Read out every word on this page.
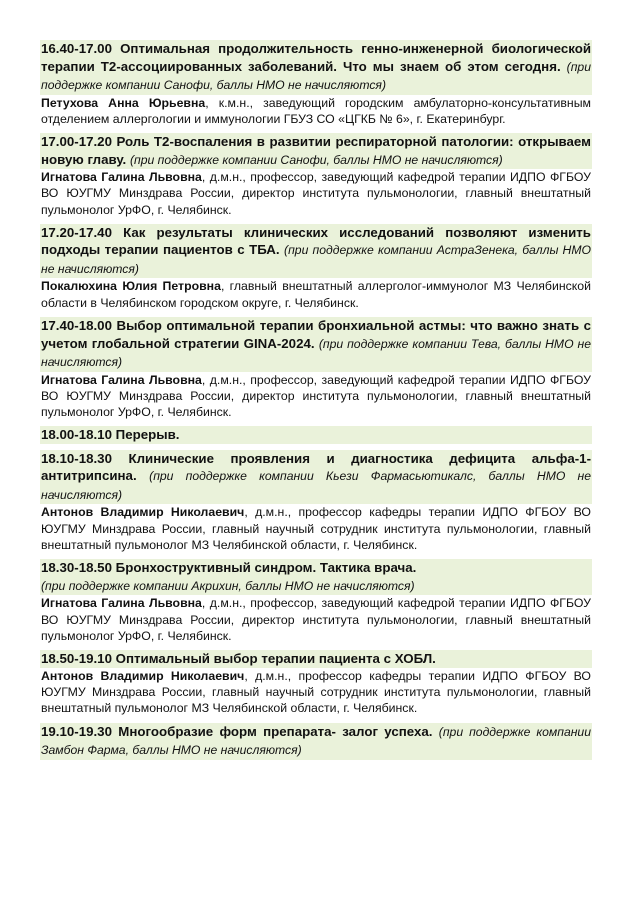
16.40-17.00 Оптимальная продолжительность генно-инженерной биологической терапии Т2-ассоциированных заболеваний. Что мы знаем об этом сегодня. (при поддержке компании Санофи, баллы НМО не начисляются)
Петухова Анна Юрьевна, к.м.н., заведующий городским амбулаторно-консультативным отделением аллергологии и иммунологии ГБУЗ СО «ЦГКБ № 6», г. Екатеринбург.
17.00-17.20 Роль Т2-воспаления в развитии респираторной патологии: открываем новую главу. (при поддержке компании Санофи, баллы НМО не начисляются)
Игнатова Галина Львовна, д.м.н., профессор, заведующий кафедрой терапии ИДПО ФГБОУ ВО ЮУГМУ Минздрава России, директор института пульмонологии, главный внештатный пульмонолог УрФО, г. Челябинск.
17.20-17.40 Как результаты клинических исследований позволяют изменить подходы терапии пациентов с ТБА. (при поддержке компании АстраЗенека, баллы НМО не начисляются)
Покалюхина Юлия Петровна, главный внештатный аллерголог-иммунолог МЗ Челябинской области в Челябинском городском округе, г. Челябинск.
17.40-18.00 Выбор оптимальной терапии бронхиальной астмы: что важно знать с учетом глобальной стратегии GINA-2024. (при поддержке компании Тева, баллы НМО не начисляются)
Игнатова Галина Львовна, д.м.н., профессор, заведующий кафедрой терапии ИДПО ФГБОУ ВО ЮУГМУ Минздрава России, директор института пульмонологии, главный внештатный пульмонолог УрФО, г. Челябинск.
18.00-18.10 Перерыв.
18.10-18.30 Клинические проявления и диагностика дефицита альфа-1-антитрипсина. (при поддержке компании Кьези Фармасьютикалс, баллы НМО не начисляются)
Антонов Владимир Николаевич, д.м.н., профессор кафедры терапии ИДПО ФГБОУ ВО ЮУГМУ Минздрава России, главный научный сотрудник института пульмонологии, главный внештатный пульмонолог МЗ Челябинской области, г. Челябинск.
18.30-18.50 Бронхоструктивный синдром. Тактика врача.
(при поддержке компании Акрихин, баллы НМО не начисляются)
Игнатова Галина Львовна, д.м.н., профессор, заведующий кафедрой терапии ИДПО ФГБОУ ВО ЮУГМУ Минздрава России, директор института пульмонологии, главный внештатный пульмонолог УрФО, г. Челябинск.
18.50-19.10 Оптимальный выбор терапии пациента с ХОБЛ.
Антонов Владимир Николаевич, д.м.н., профессор кафедры терапии ИДПО ФГБОУ ВО ЮУГМУ Минздрава России, главный научный сотрудник института пульмонологии, главный внештатный пульмонолог МЗ Челябинской области, г. Челябинск.
19.10-19.30 Многообразие форм препарата- залог успеха. (при поддержке компании Замбон Фарма, баллы НМО не начисляются)
